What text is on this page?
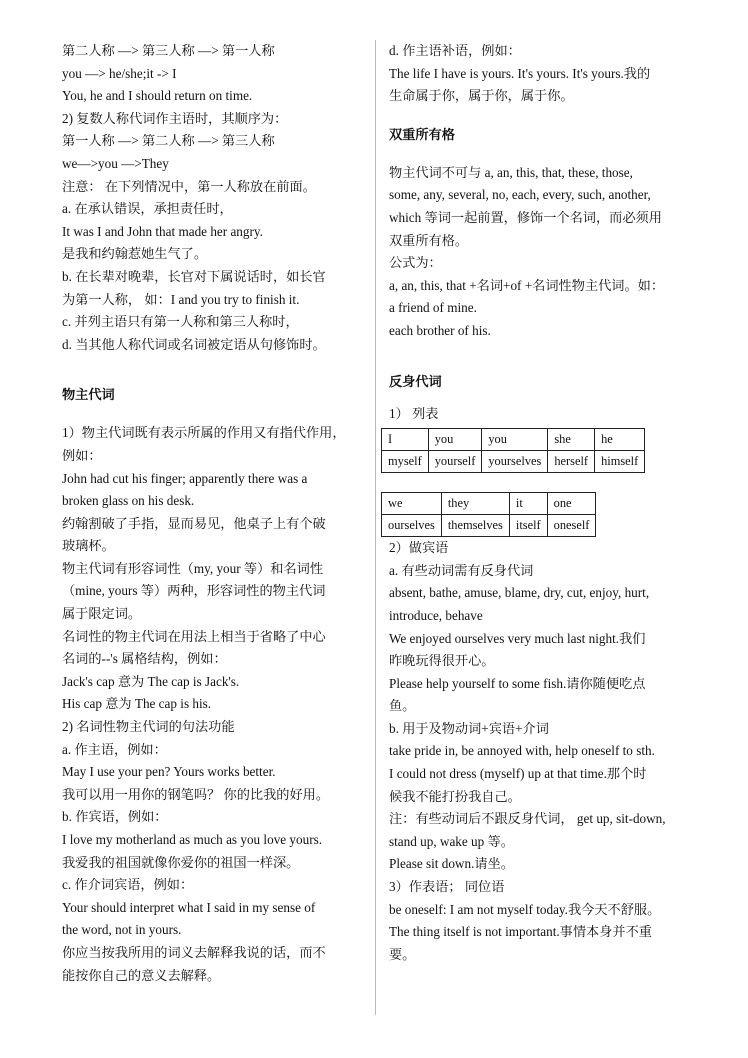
第二人称 —> 第三人称 —> 第一人称
you —> he/she;it -> I
You, he and I should return on time.
2) 复数人称代词作主语时，其顺序为：
第一人称 —> 第二人称 —> 第三人称
we—>you —>They
注意： 在下列情况中，第一人称放在前面。
a. 在承认错误，承担责任时，
It was I and John that made her angry.
是我和约翰惹她生气了。
b. 在长辈对晚辈，长官对下属说话时，如长官
为第一人称， 如：I and you try to finish it.
c. 并列主语只有第一人称和第三人称时，
d. 当其他人称代词或名词被定语从句修饰时。
物主代词
1）物主代词既有表示所属的作用又有指代作用，
例如：
John had cut his finger; apparently there was a
broken glass on his desk.
约翰割破了手指，显而易见，他桌子上有个破
玻璃杯。
物主代词有形容词性（my, your 等）和名词性
（mine, yours 等）两种，形容词性的物主代词
属于限定词。
名词性的物主代词在用法上相当于省略了中心
名词的--'s 属格结构，例如：
Jack's cap 意为 The cap is Jack's.
His cap 意为 The cap is his.
2) 名词性物主代词的句法功能
a. 作主语，例如：
May I use your pen? Yours works better.
我可以用一用你的钢笔吗？ 你的比我的好用。
b. 作宾语，例如：
I love my motherland as much as you love yours.
我爱我的祖国就像你爱你的祖国一样深。
c. 作介词宾语，例如：
Your should interpret what I said in my sense of
the word, not in yours.
你应当按我所用的词义去解释我说的话，而不
能按你自己的意义去解释。
d. 作主语补语，例如：
The life I have is yours. It's yours. It's yours.我的
生命属于你，属于你，属于你。
双重所有格
物主代词不可与 a, an, this, that, these, those,
some, any, several, no, each, every, such, another,
which 等词一起前置，修饰一个名词，而必须用
双重所有格。
公式为：
a, an, this, that +名词+of +名词性物主代词。如：
a friend of mine.
each brother of his.
反身代词
1） 列表
I	you	you	she	he
myself	yourself	yourselves	herself	himself
we	they	it	one
ourselves	themselves	itself	oneself
2）做宾语
a. 有些动词需有反身代词
absent, bathe, amuse, blame, dry, cut, enjoy, hurt,
introduce, behave
We enjoyed ourselves very much last night.我们
昨晚玩得很开心。
Please help yourself to some fish.请你随便吃点
鱼。
b. 用于及物动词+宾语+介词
take pride in, be annoyed with, help oneself to sth.
I could not dress (myself) up at that time.那个时
候我不能打扮我自己。
注：有些动词后不跟反身代词， get up, sit-down,
stand up, wake up 等。
Please sit down.请坐。
3）作表语； 同位语
be oneself: I am not myself today.我今天不舒服。
The thing itself is not important.事情本身并不重
要。
